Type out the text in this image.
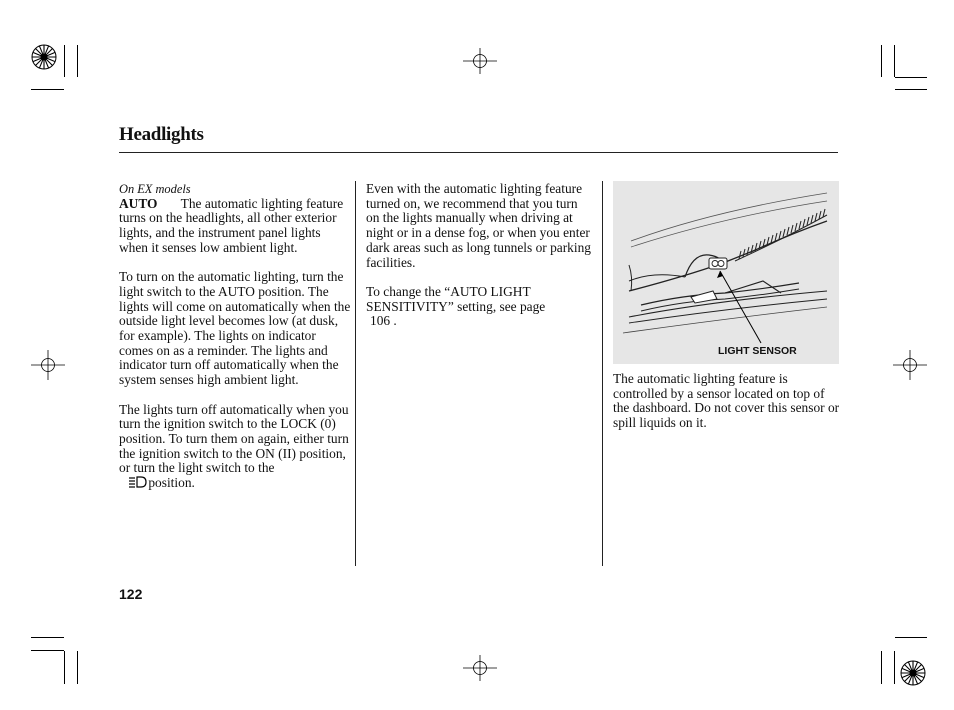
Headlights
On EX models

AUTO The automatic lighting feature turns on the headlights, all other exterior lights, and the instrument panel lights when it senses low ambient light.

To turn on the automatic lighting, turn the light switch to the AUTO position. The lights will come on automatically when the outside light level becomes low (at dusk, for example). The lights on indicator comes on as a reminder. The lights and indicator turn off automatically when the system senses high ambient light.

The lights turn off automatically when you turn the ignition switch to the LOCK (0) position. To turn them on again, either turn the ignition switch to the ON (II) position, or turn the light switch to the
position.

Even with the automatic lighting feature turned on, we recommend that you turn on the lights manually when driving at night or in a dense fog, or when you enter dark areas such as long tunnels or parking facilities.

To change the “AUTO LIGHT SENSITIVITY” setting, see page
106 .

LIGHT SENSOR

The automatic lighting feature is controlled by a sensor located on top of the dashboard. Do not cover this sensor or spill liquids on it.

122
